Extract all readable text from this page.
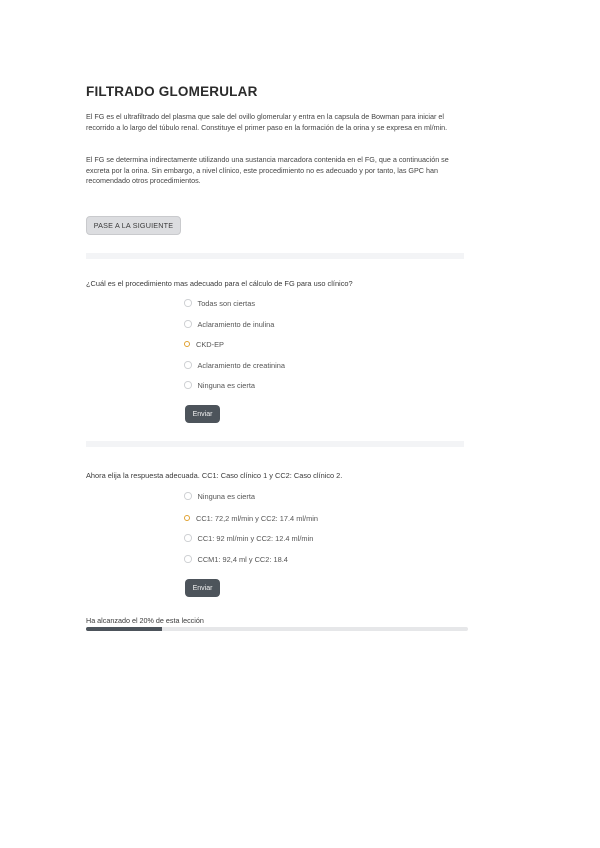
FILTRADO GLOMERULAR
El FG es el ultrafiltrado del plasma que sale del ovillo glomerular y entra en la capsula de Bowman para iniciar el recorrido a lo largo del túbulo renal. Constituye el primer paso en la formación de la orina y se expresa en ml/min.
El FG se determina indirectamente utilizando una sustancia marcadora contenida en el FG, que a continuación se excreta por la orina. Sin embargo, a nivel clínico, este procedimiento no es adecuado y por tanto, las GPC han recomendado otros procedimientos.
PASE A LA SIGUIENTE
¿Cuál es el procedimiento mas adecuado para el cálculo de FG para uso clínico?
Todas son ciertas
Aclaramiento de inulina
CKD-EP
Aclaramiento de creatinina
Ninguna es cierta
Enviar
Ahora elija la respuesta adecuada. CC1: Caso clínico 1 y CC2: Caso clínico 2.
Ninguna es cierta
CC1: 72,2 ml/min y CC2: 17.4 ml/min
CC1: 92 ml/min y CC2: 12.4 ml/min
CCM1: 92,4 ml y CC2: 18.4
Enviar
Ha alcanzado el 20% de esta lección
